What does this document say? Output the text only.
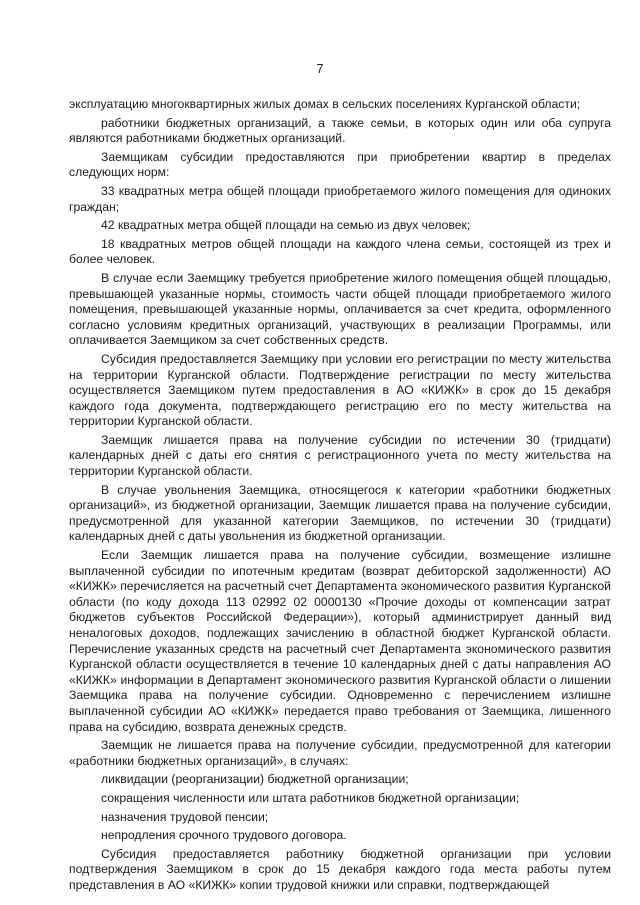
7

эксплуатацию многоквартирных жилых домах в сельских поселениях Курганской области;

работники бюджетных организаций, а также семьи, в которых один или оба супруга являются работниками бюджетных организаций.

Заемщикам субсидии предоставляются при приобретении квартир в пределах следующих норм:

33 квадратных метра общей площади приобретаемого жилого помещения для одиноких граждан;

42 квадратных метра общей площади на семью из двух человек;

18 квадратных метров общей площади на каждого члена семьи, состоящей из трех и более человек.

В случае если Заемщику требуется приобретение жилого помещения общей площадью, превышающей указанные нормы, стоимость части общей площади приобретаемого жилого помещения, превышающей указанные нормы, оплачивается за счет кредита, оформленного согласно условиям кредитных организаций, участвующих в реализации Программы, или оплачивается Заемщиком за счет собственных средств.

Субсидия предоставляется Заемщику при условии его регистрации по месту жительства на территории Курганской области. Подтверждение регистрации по месту жительства осуществляется Заемщиком путем предоставления в АО «КИЖК» в срок до 15 декабря каждого года документа, подтверждающего регистрацию его по месту жительства на территории Курганской области.

Заемщик лишается права на получение субсидии по истечении 30 (тридцати) календарных дней с даты его снятия с регистрационного учета по месту жительства на территории Курганской области.

В случае увольнения Заемщика, относящегося к категории «работники бюджетных организаций», из бюджетной организации, Заемщик лишается права на получение субсидии, предусмотренной для указанной категории Заемщиков, по истечении 30 (тридцати) календарных дней с даты увольнения из бюджетной организации.

Если Заемщик лишается права на получение субсидии, возмещение излишне выплаченной субсидии по ипотечным кредитам (возврат дебиторской задолженности) АО «КИЖК» перечисляется на расчетный счет Департамента экономического развития Курганской области (по коду дохода 113 02992 02 0000130 «Прочие доходы от компенсации затрат бюджетов субъектов Российской Федерации»), который администрирует данный вид неналоговых доходов, подлежащих зачислению в областной бюджет Курганской области. Перечисление указанных средств на расчетный счет Департамента экономического развития Курганской области осуществляется в течение 10 календарных дней с даты направления АО «КИЖК» информации в Департамент экономического развития Курганской области о лишении Заемщика права на получение субсидии. Одновременно с перечислением излишне выплаченной субсидии АО «КИЖК» передается право требования от Заемщика, лишенного права на субсидию, возврата денежных средств.

Заемщик не лишается права на получение субсидии, предусмотренной для категории «работники бюджетных организаций», в случаях:

ликвидации (реорганизации) бюджетной организации;

сокращения численности или штата работников бюджетной организации;

назначения трудовой пенсии;

непродления срочного трудового договора.

Субсидия предоставляется работнику бюджетной организации при условии подтверждения Заемщиком в срок до 15 декабря каждого года места работы путем представления в АО «КИЖК» копии трудовой книжки или справки, подтверждающей
